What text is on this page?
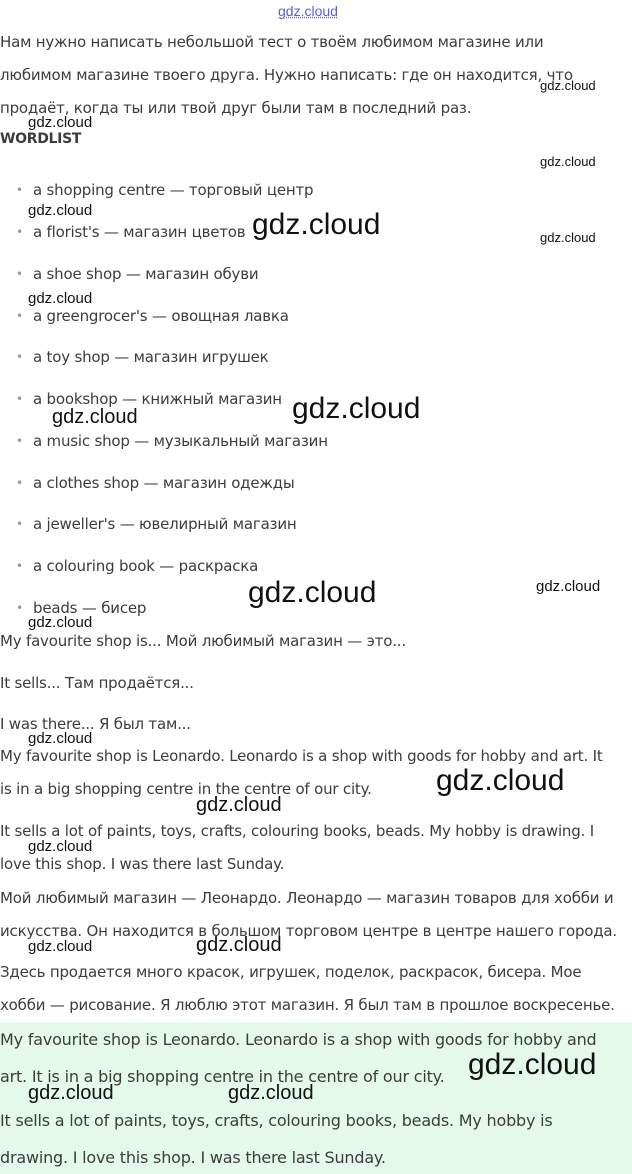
gdz.cloud
Нам нужно написать небольшой тест о твоём любимом магазине или
любимом магазине твоего друга. Нужно написать: где он находится, что
продаёт, когда ты или твой друг были там в последний раз.
WORDLIST
• a shopping centre — торговый центр
• a florist's — магазин цветов
• a shoe shop — магазин обуви
• a greengrocer's — овощная лавка
• a toy shop — магазин игрушек
• a bookshop — книжный магазин
• a music shop — музыкальный магазин
• a clothes shop — магазин одежды
• a jeweller's — ювелирный магазин
• a colouring book — раскраска
• beads — бисер
My favourite shop is... Мой любимый магазин — это...
It sells... Там продаётся...
I was there... Я был там...
My favourite shop is Leonardo. Leonardo is a shop with goods for hobby and art. It
is in a big shopping centre in the centre of our city.
It sells a lot of paints, toys, crafts, colouring books, beads. My hobby is drawing. I
love this shop. I was there last Sunday.
Мой любимый магазин — Леонардо. Леонардо — магазин товаров для хобби и
искусства. Он находится в большом торговом центре в центре нашего города.
Здесь продается много красок, игрушек, поделок, раскрасок, бисера. Мое
хобби — рисование. Я люблю этот магазин. Я был там в прошлое воскресенье.
My favourite shop is Leonardo. Leonardo is a shop with goods for hobby and
art. It is in a big shopping centre in the centre of our city.
It sells a lot of paints, toys, crafts, colouring books, beads. My hobby is
drawing. I love this shop. I was there last Sunday.
gdz.cloud
gdz.cloud
gdz.cloud
gdz.cloud	gdz.cloud	gdz.cloud
gdz.cloud
gdz.cloud
gdz.cloud
gdz.cloud
gdz.cloud
gdz.cloud
gdz.cloud
gdz.cloud
gdz.cloud
gdz.cloud
gdz.cloud	gdz.cloud
gdz.cloud
gdz.cloud	gdz.cloud
